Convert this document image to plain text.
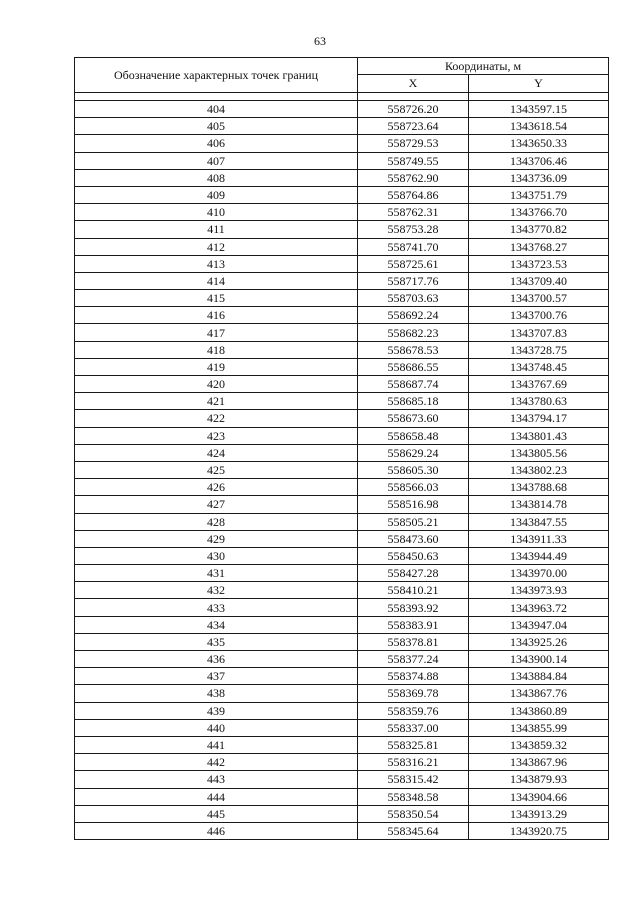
63
Обозначение характерных точек границ	Координаты, м	
	X	Y

404	558726.20	1343597.15
405	558723.64	1343618.54
406	558729.53	1343650.33
407	558749.55	1343706.46
408	558762.90	1343736.09
409	558764.86	1343751.79
410	558762.31	1343766.70
411	558753.28	1343770.82
412	558741.70	1343768.27
413	558725.61	1343723.53
414	558717.76	1343709.40
415	558703.63	1343700.57
416	558692.24	1343700.76
417	558682.23	1343707.83
418	558678.53	1343728.75
419	558686.55	1343748.45
420	558687.74	1343767.69
421	558685.18	1343780.63
422	558673.60	1343794.17
423	558658.48	1343801.43
424	558629.24	1343805.56
425	558605.30	1343802.23
426	558566.03	1343788.68
427	558516.98	1343814.78
428	558505.21	1343847.55
429	558473.60	1343911.33
430	558450.63	1343944.49
431	558427.28	1343970.00
432	558410.21	1343973.93
433	558393.92	1343963.72
434	558383.91	1343947.04
435	558378.81	1343925.26
436	558377.24	1343900.14
437	558374.88	1343884.84
438	558369.78	1343867.76
439	558359.76	1343860.89
440	558337.00	1343855.99
441	558325.81	1343859.32
442	558316.21	1343867.96
443	558315.42	1343879.93
444	558348.58	1343904.66
445	558350.54	1343913.29
446	558345.64	1343920.75
